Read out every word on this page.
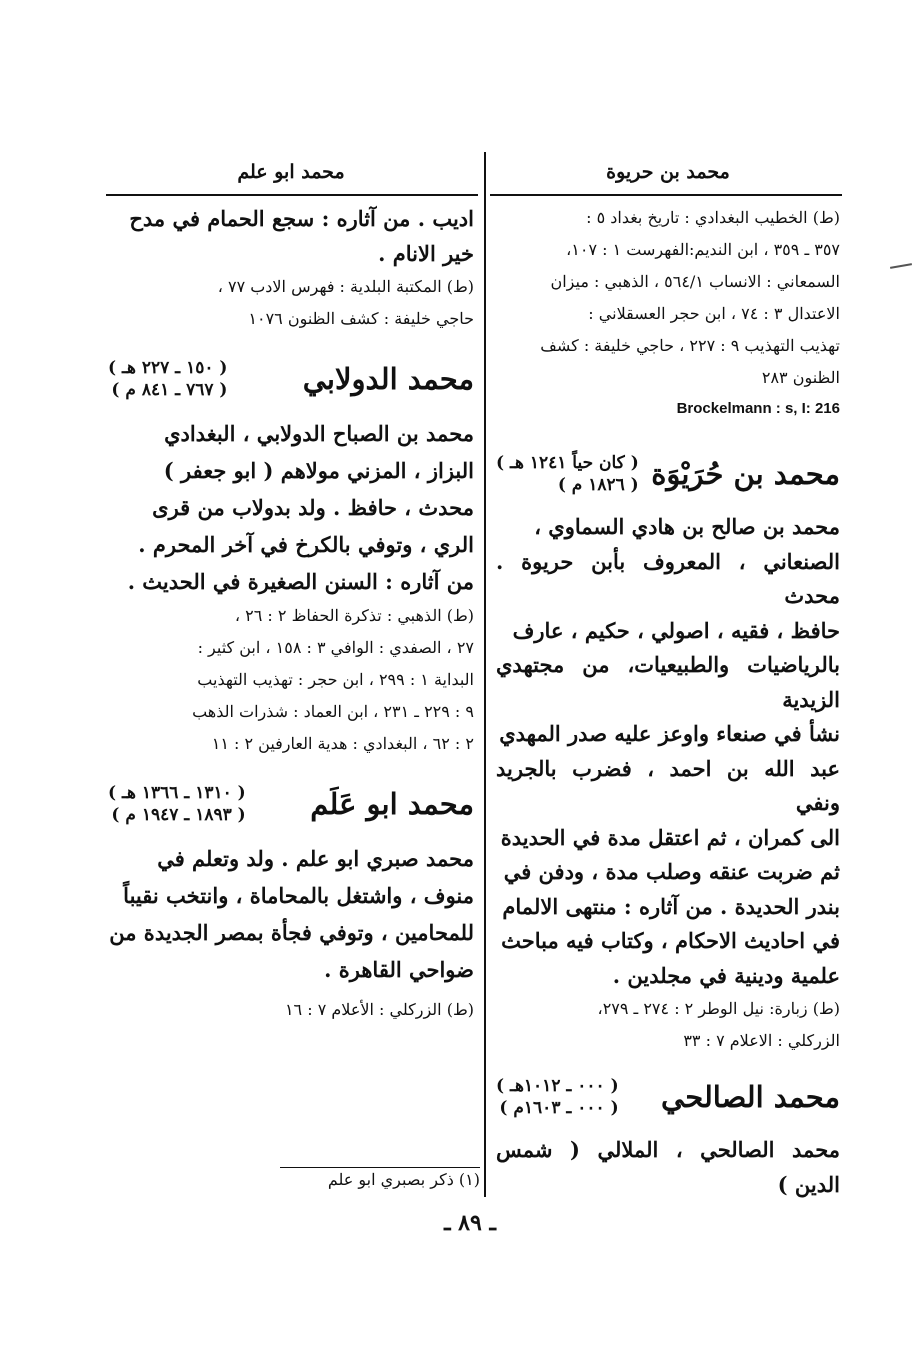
محمد بن حريوة
(ط) الخطيب البغدادي : تاريخ بغداد ٥ :
٣٥٧ ـ ٣٥٩ ، ابن النديم:الفهرست ١ : ١٠٧،
السمعاني : الانساب ٥٦٤/١ ، الذهبي : ميزان
الاعتدال ٣ : ٧٤ ، ابن حجر العسقلاني :
تهذيب التهذيب ٩ : ٢٢٧ ، حاجي خليفة : كشف
الظنون ٢٨٣
Brockelmann : s, I: 216
محمد بن حُرَيْوَة
( كان حياً ١٢٤١ هـ )
( ١٨٢٦ م )
محمد بن صالح بن هادي السماوي ،
الصنعاني ، المعروف بأبن حريوة . محدث
حافظ ، فقيه ، اصولي ، حكيم ، عارف
بالرياضيات والطبيعيات، من مجتهدي الزيدية
نشأ في صنعاء واوعز عليه صدر المهدي
عبد الله بن احمد ، فضرب بالجريد ونفي
الى كمران ، ثم اعتقل مدة في الحديدة
ثم ضربت عنقه وصلب مدة ، ودفن في
بندر الحديدة . من آثاره : منتهى الالمام
في احاديث الاحكام ، وكتاب فيه مباحث
علمية ودينية في مجلدين .
(ط) زبارة: نيل الوطر ٢ : ٢٧٤ ـ ٢٧٩،
الزركلي : الاعلام ٧ : ٣٣
محمد الصالحي
( ٠٠٠ ـ ١٠١٢هـ )
( ٠٠٠ ـ ١٦٠٣م )
محمد الصالحي ، الملالي ( شمس الدين )
محمد ابو علم
اديب . من آثاره : سجع الحمام في مدح
خير الانام .
(ط) المكتبة البلدية : فهرس الادب ٧٧ ،
حاجي خليفة : كشف الظنون ١٠٧٦
محمد الدولابي
( ١٥٠ ـ ٢٢٧ هـ )
( ٧٦٧ ـ ٨٤١ م )
محمد بن الصباح الدولابي ، البغدادي
البزاز ، المزني مولاهم ( ابو جعفر )
محدث ، حافظ . ولد بدولاب من قرى
الري ، وتوفي بالكرخ في آخر المحرم .
من آثاره : السنن الصغيرة في الحديث .
(ط) الذهبي : تذكرة الحفاظ ٢ : ٢٦ ،
٢٧ ، الصفدي : الوافي ٣ : ١٥٨ ، ابن كثير :
البداية ١ : ٢٩٩ ، ابن حجر : تهذيب التهذيب
٩ : ٢٢٩ ـ ٢٣١ ، ابن العماد : شذرات الذهب
٢ : ٦٢ ، البغدادي : هدية العارفين ٢ : ١١
محمد ابو عَلَم
( ١٣١٠ ـ ١٣٦٦ هـ )
( ١٨٩٣ ـ ١٩٤٧ م )
محمد صبري ابو علم . ولد وتعلم في
منوف ، واشتغل بالمحاماة ، وانتخب نقيباً
للمحامين ، وتوفي فجأة بمصر الجديدة من
ضواحي القاهرة .
(ط) الزركلي : الأعلام ٧ : ١٦
(١) ذكر بصبري ابو علم
ـ ٨٩ ـ
